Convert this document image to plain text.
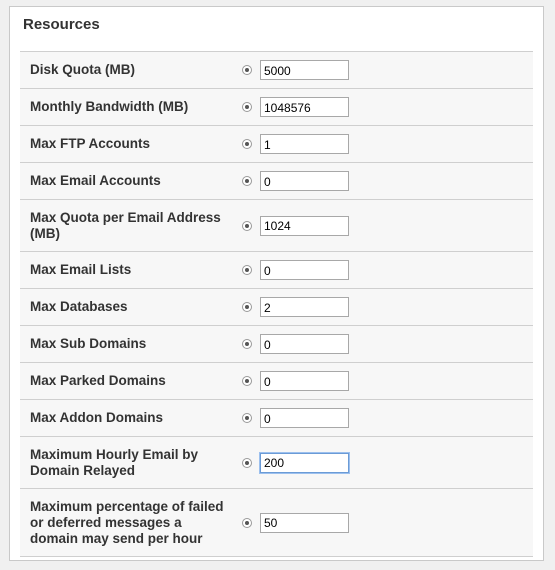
Resources
Disk Quota (MB)
5000
Monthly Bandwidth (MB)
1048576
Max FTP Accounts
1
Max Email Accounts
0
Max Quota per Email Address (MB)
1024
Max Email Lists
0
Max Databases
2
Max Sub Domains
0
Max Parked Domains
0
Max Addon Domains
0
Maximum Hourly Email by Domain Relayed
200
Maximum percentage of failed or deferred messages a domain may send per hour
50
